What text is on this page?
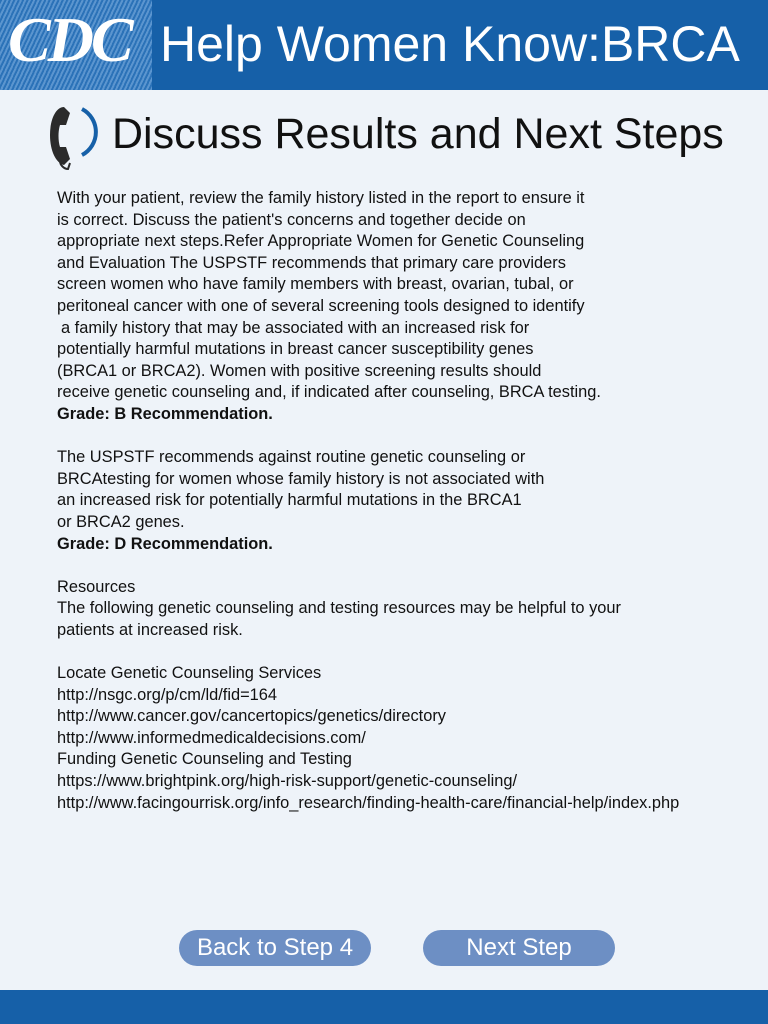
CDC Help Women Know:BRCA
Discuss Results and Next Steps

With your patient, review the family history listed in the report to ensure it

is correct. Discuss the patient's concerns and together decide on

appropriate next steps.Refer Appropriate Women for Genetic Counseling

and Evaluation The USPSTF recommends that primary care providers

screen women who have family members with breast, ovarian, tubal, or

peritoneal cancer with one of several screening tools designed to identify

a family history that may be associated with an increased risk for

potentially harmful mutations in breast cancer susceptibility genes

(BRCA1 or BRCA2). Women with positive screening results should

receive genetic counseling and, if indicated after counseling, BRCA testing.

Grade: B Recommendation.

The USPSTF recommends against routine genetic counseling or

BRCAtesting for women whose family history is not associated with

an increased risk for potentially harmful mutations in the BRCA1

or BRCA2 genes.

Grade: D Recommendation.

Resources

The following genetic counseling and testing resources may be helpful to your

patients at increased risk.

Locate Genetic Counseling Services

http://nsgc.org/p/cm/ld/fid=164

http://www.cancer.gov/cancertopics/genetics/directory

http://www.informedmedicaldecisions.com/

Funding Genetic Counseling and Testing

https://www.brightpink.org/high-risk-support/genetic-counseling/

http://www.facingourrisk.org/info_research/finding-health-care/financial-help/index.php

Back to Step 4	Next Step
